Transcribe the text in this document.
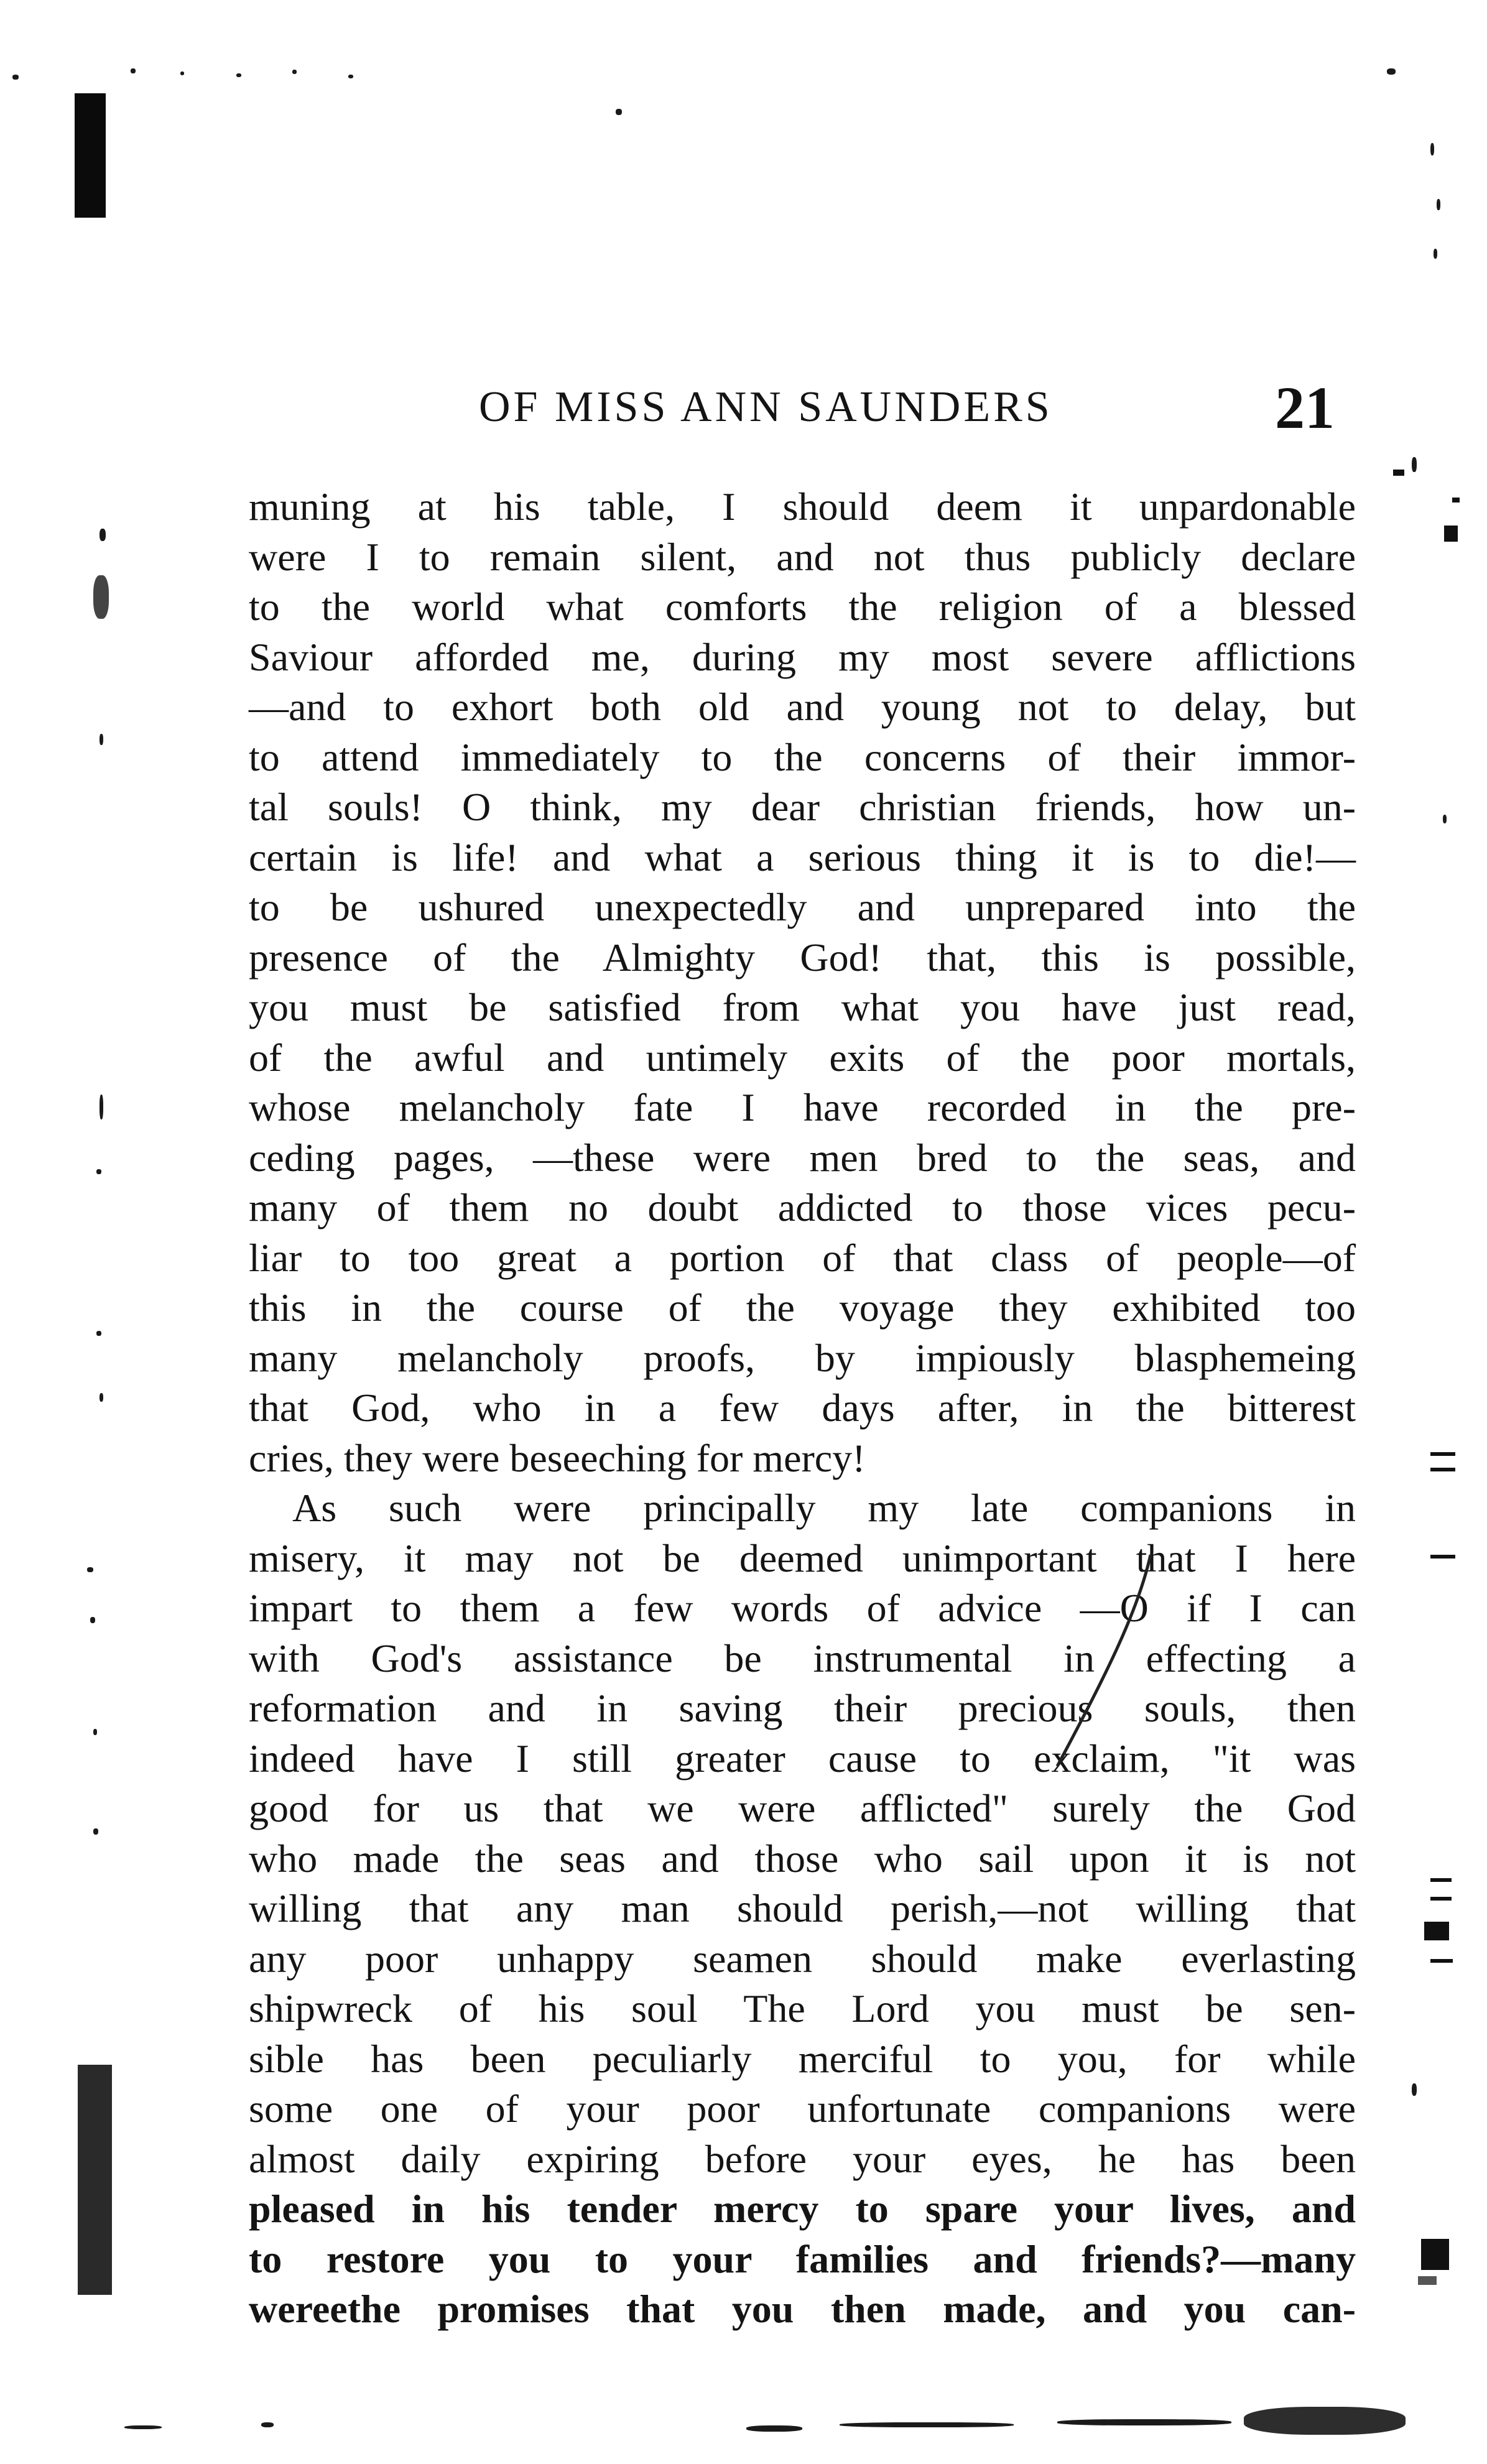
OF MISS ANN SAUNDERS	21
muning at his table, I should deem it unpardonable
were I to remain silent, and not thus publicly declare
to the world what comforts the religion of a blessed
Saviour afforded me, during my most severe afflictions
—and to exhort both old and young not to delay, but
to attend immediately to the concerns of their immor-
tal souls! O think, my dear christian friends, how un-
certain is life! and what a serious thing it is to die!—
to be ushured unexpectedly and unprepared into the
presence of the Almighty God! that, this is possible,
you must be satisfied from what you have just read,
of the awful and untimely exits of the poor mortals,
whose melancholy fate I have recorded in the pre-
ceding pages, —these were men bred to the seas, and
many of them no doubt addicted to those vices pecu-
liar to too great a portion of that class of people—of
this in the course of the voyage they exhibited too
many melancholy proofs, by impiously blasphemeing
that God, who in a few days after, in the bitterest
cries, they were beseeching for mercy!
As such were principally my late companions in
misery, it may not be deemed unimportant that I here
impart to them a few words of advice —O if I can
with God's assistance be instrumental in effecting a
reformation and in saving their precious souls, then
indeed have I still greater cause to exclaim, "it was
good for us that we were afflicted" surely the God
who made the seas and those who sail upon it is not
willing that any man should perish,—not willing that
any poor unhappy seamen should make everlasting
shipwreck of his soul The Lord you must be sen-
sible has been peculiarly merciful to you, for while
some one of your poor unfortunate companions were
almost daily expiring before your eyes, he has been
pleased in his tender mercy to spare your lives, and
to restore you to your families and friends?—many
wereethe promises that you then made, and you can-
